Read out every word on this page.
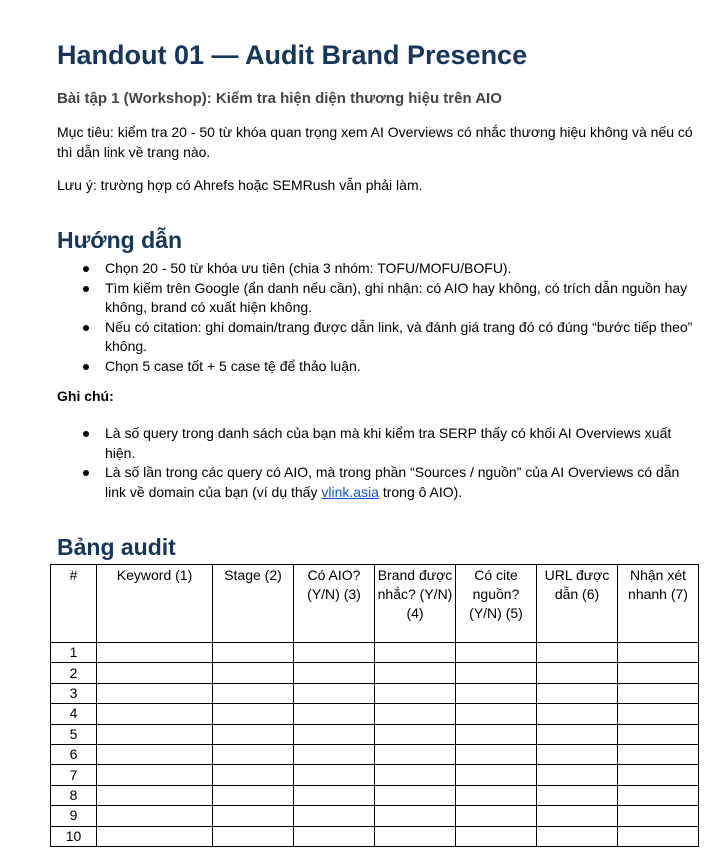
Handout 01 — Audit Brand Presence
Bài tập 1 (Workshop): Kiểm tra hiện diện thương hiệu trên AIO
Mục tiêu: kiểm tra 20 - 50 từ khóa quan trọng xem AI Overviews có nhắc thương hiệu không và nếu có thì dẫn link về trang nào.
Lưu ý: trường hợp có Ahrefs hoặc SEMRush vẫn phải làm.
Hướng dẫn
Chọn 20 - 50 từ khóa ưu tiên (chia 3 nhóm: TOFU/MOFU/BOFU).
Tìm kiếm trên Google (ẩn danh nếu cần), ghi nhận: có AIO hay không, có trích dẫn nguồn hay không, brand có xuất hiện không.
Nếu có citation: ghi domain/trang được dẫn link, và đánh giá trang đó có đúng “bước tiếp theo” không.
Chọn 5 case tốt + 5 case tệ để thảo luận.
Ghi chú:
Là số query trong danh sách của bạn mà khi kiểm tra SERP thấy có khối AI Overviews xuất hiện.
Là số lần trong các query có AIO, mà trong phần “Sources / nguồn” của AI Overviews có dẫn link về domain của bạn (ví dụ thấy vlink.asia trong ô AIO).
Bảng audit
#	Keyword (1)	Stage (2)	Có AIO? (Y/N) (3)	Brand được nhắc? (Y/N) (4)	Có cite nguồn? (Y/N) (5)	URL được dẫn (6)	Nhận xét nhanh (7)
1							
2							
3							
4							
5							
6							
7							
8							
9							
10							
